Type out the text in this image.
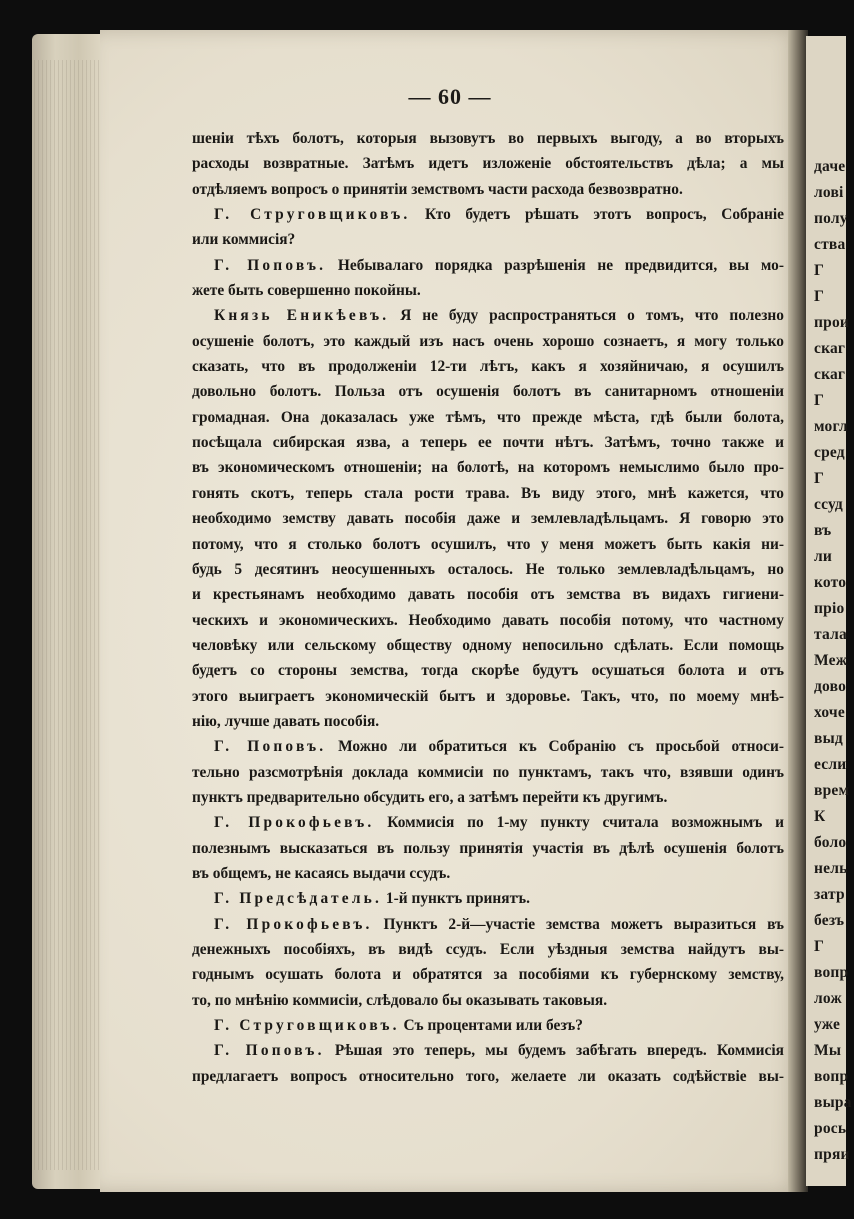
даче
ловi
полу
ства
Г
Г
прои
скаг
скаг
Г
могл
сред
Г
ссуд
въ
ли
кото
пріо
тала
Меж
дово
хоче
выд
если
врем
К
боло
нель
затр
безъ
Г
вопр
лож
уже
Мы
вопр
выра
рось
пряи
— 60 —
шеніи тѣхъ болотъ, которыя вызовутъ во первыхъ выгоду, а во вторыхъ
расходы возвратные. Затѣмъ идетъ изложеніе обстоятельствъ дѣла; а мы
отдѣляемъ вопросъ о принятіи земствомъ части расхода безвозвратно.
Г. Струговщиковъ. Кто будетъ рѣшать этотъ вопросъ, Собраніе
или коммисія?
Г. Поповъ. Небывалаго порядка разрѣшенія не предвидится, вы мо-
жете быть совершенно покойны.
Князь Еникѣевъ. Я не буду распространяться о томъ, что полезно
осушеніе болотъ, это каждый изъ насъ очень хорошо сознаетъ, я могу только
сказать, что въ продолженіи 12-ти лѣтъ, какъ я хозяйничаю, я осушилъ
довольно болотъ. Польза отъ осушенія болотъ въ санитарномъ отношеніи
громадная. Она доказалась уже тѣмъ, что прежде мѣста, гдѣ были болота,
посѣщала сибирская язва, а теперь ее почти нѣтъ. Затѣмъ, точно также и
въ экономическомъ отношеніи; на болотѣ, на которомъ немыслимо было про-
гонять скотъ, теперь стала рости трава. Въ виду этого, мнѣ кажется, что
необходимо земству давать пособія даже и землевладѣльцамъ. Я говорю это
потому, что я столько болотъ осушилъ, что у меня можетъ быть какія ни-
будь 5 десятинъ неосушенныхъ осталось. Не только землевладѣльцамъ, но
и крестьянамъ необходимо давать пособія отъ земства въ видахъ гигиени-
ческихъ и экономическихъ. Необходимо давать пособія потому, что частному
человѣку или сельскому обществу одному непосильно сдѣлать. Если помощь
будетъ со стороны земства, тогда скорѣе будутъ осушаться болота и отъ
этого выиграетъ экономическій бытъ и здоровье. Такъ, что, по моему мнѣ-
нію, лучше давать пособія.
Г. Поповъ. Можно ли обратиться къ Собранію съ просьбой относи-
тельно разсмотрѣнія доклада коммисіи по пунктамъ, такъ что, взявши одинъ
пунктъ предварительно обсудить его, а затѣмъ перейти къ другимъ.
Г. Прокофьевъ. Коммисія по 1-му пункту считала возможнымъ и
полезнымъ высказаться въ пользу принятія участія въ дѣлѣ осушенія болотъ
въ общемъ, не касаясь выдачи ссудъ.
Г. Предсѣдатель. 1-й пунктъ принятъ.
Г. Прокофьевъ. Пунктъ 2-й—участіе земства можетъ выразиться въ
денежныхъ пособіяхъ, въ видѣ ссудъ. Если уѣздныя земства найдутъ вы-
годнымъ осушать болота и обратятся за пособіями къ губернскому земству,
то, по мнѣнію коммисіи, слѣдовало бы оказывать таковыя.
Г. Струговщиковъ. Съ процентами или безъ?
Г. Поповъ. Рѣшая это теперь, мы будемъ забѣгать впередъ. Коммисія
предлагаетъ вопросъ относительно того, желаете ли оказать содѣйствіе вы-
